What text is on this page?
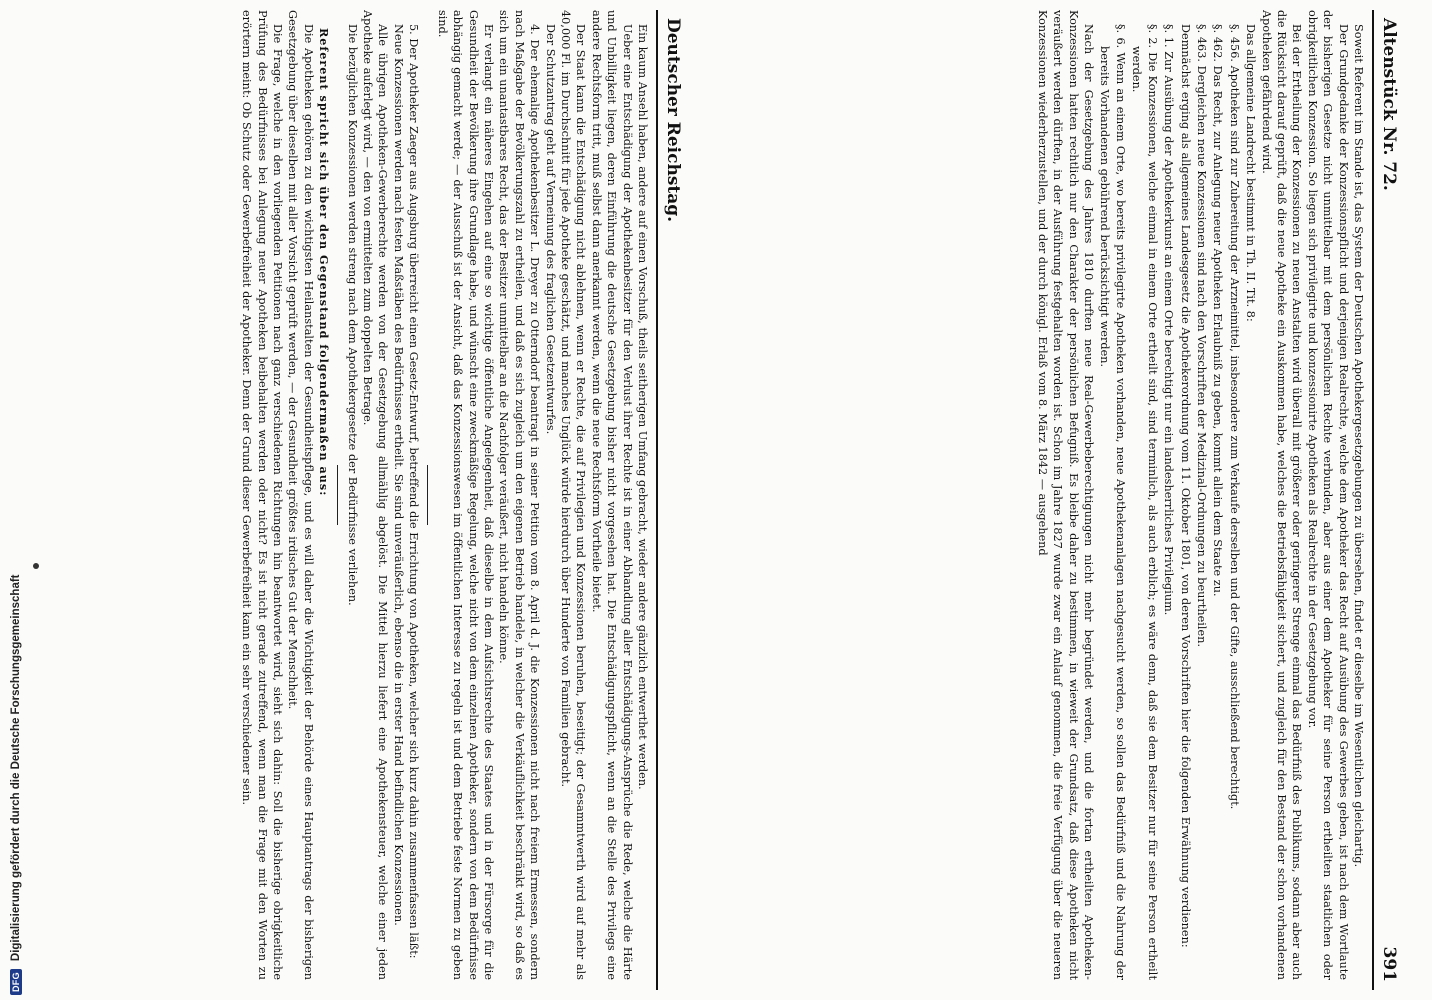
Altenstück Nr. 72.
391

Soweit Referent im Stande ist, das System der Deutschen Apothekergesetzgebungen zu übersehen, findet er dieselbe im Wesentlichen gleichartig.

Der Grundgedanke der Konzessionspflicht und derjenigen Realrechte, welche dem Apotheker das Recht auf Ausübung des Gewerbes geben, ist nach dem Wortlaute der bisherigen Gesetze nicht unmittelbar mit dem persönlichen Rechte verbunden, aber aus einer dem Apotheker für seine Person ertheilten staatlichen oder obrigkeitlichen Konzession. So liegen sich privilegirte und konzessionirte Apotheken als Realrechte in der Gesetzgebung vor.

Bei der Ertheilung der Konzessionen zu neuen Anstalten wird überall mit größerer oder geringerer Strenge einmal das Bedürfniß des Publikums, sodann aber auch die Rücksicht darauf geprüft, daß die neue Apotheke ein Auskommen habe, welches die Betriebsfähigkeit sichert, und zugleich für den Bestand der schon vorhandenen Apotheken gefährdend wird.

Das allgemeine Landrecht bestimmt in Th. II. Tit. 8:

§. 456. Apotheken sind zur Zubereitung der Arzneimittel, insbesondere zum Verkaufe derselben und der Gifte, ausschließend berechtigt.

§. 462. Das Recht, zur Anlegung neuer Apotheken Erlaubniß zu geben, kommt allein dem Staate zu.

§. 463. Dergleichen neue Konzessionen sind nach den Vorschriften der Medizinal-Ordnungen zu beurtheilen.

Demnächst erging als allgemeines Landesgesetz die Apothekerordnung vom 11. Oktober 1801, von deren Vorschriften hier die folgenden Erwähnung verdienen:

§. 1. Zur Ausübung der Apothekerkunst an einem Orte berechtigt nur ein landesherrliches Privilegium.

§. 2. Die Konzessionen, welche einmal in einem Orte ertheilt sind, sind terminlich, als auch erblich; es wäre denn, daß sie dem Besitzer nur für seine Person ertheilt werden.

§. 6. Wenn an einem Orte, wo bereits privilegirte Apotheken vorhanden, neue Apothekenanlagen nachgesucht werden, so sollen das Bedürfniß und die Nahrung der bereits Vorhandenen gebührend berücksichtigt werden.

Nach der Gesetzgebung des Jahres 1810 durften neue Real-Gewerbeberechtigungen nicht mehr begründet werden, und die fortan ertheilten Apotheken-Konzessionen hatten rechtlich nur den Charakter der persönlichen Befugniß. Es bleibe daher zu bestimmen, in wieweit der Grundsatz, daß diese Apotheken nicht veräußert werden dürften, in der Ausführung festgehalten worden ist. Schon im Jahre 1827 wurde zwar ein Anlauf genommen, die freie Verfügung über die neueren Konzessionen wiederherzustellen, und der durch königl. Erlaß vom 8. März 1842 — ausgehend

Deutscher Reichstag.

Ein kaum Ansehl haben, andere auf einen Vorschuß, theils seitherigen Umfang gebracht, wieder andere gänzlich entwerthet werden.

Ueber eine Entschädigung der Apothekenbesitzer für den Verlust ihrer Rechte ist in einer Abhandlung aller Entschädigungs-Ansprüche die Rede, welche die Härte und Unbilligkeit liegen, deren Einführung die deutsche Gesetzgebung bisher nicht vorgesehen hat. Die Entschädigungspflicht, wenn an die Stelle des Privilegs eine andere Rechtsform tritt, muß selbst dann anerkannt werden, wenn die neue Rechtsform Vortheile bietet.

Der Staat kann die Entschädigung nicht ablehnen, wenn er Rechte, die auf Privilegien und Konzessionen beruhen, beseitigt; der Gesammtwerth wird auf mehr als 40,000 Fl. im Durchschnitt für jede Apotheke geschätzt, und manches Unglück würde hierdurch über Hunderte von Familien gebracht.

Der Schutzantrag geht auf Verneinung des fraglichen Gesetzentwurfes.

4. Der ehemalige Apothekenbesitzer L. Dreyer zu Otterndorf beantragt in seiner Petition vom 8. April d. J. die Konzessionen nicht nach freiem Ermessen, sondern nach Maßgabe der Bevölkerungszahl zu ertheilen, und daß es sich zugleich um den eigenen Betrieb handele, in welcher die Verkäuflichkeit beschränkt wird, so daß es sich um ein unantastbares Recht, das der Besitzer unmittelbar an die Nachfolger veräußert, nicht handeln könne.

Er verlangt ein näheres Eingehen auf eine so wichtige öffentliche Angelegenheit, daß dieselbe in dem Aufsichtsrechte des Staates und in der Fürsorge für die Gesundheit der Bevölkerung ihre Grundlage habe, und wünscht eine zweckmäßige Regelung, welche nicht von dem einzelnen Apotheker, sondern von dem Bedürfnisse abhängig gemacht werde; — der Ausschuß ist der Ansicht, daß das Konzessionswesen im öffentlichen Interesse zu regeln ist und dem Betriebe feste Normen zu geben sind.

5. Der Apotheker Zaeger aus Augsburg überreicht einen Gesetz-Entwurf, betreffend die Errichtung von Apotheken, welcher sich kurz dahin zusammenfassen läßt:

Neue Konzessionen werden nach festen Maßstäben des Bedürfnisses ertheilt. Sie sind unveräußerlich, ebenso die in erster Hand befindlichen Konzessionen.

Alle übrigen Apotheken-Gewerberechte werden von der Gesetzgebung allmählig abgelöst. Die Mittel hierzu liefert eine Apothekensteuer, welche einer jeden Apotheke auferlegt wird, — den von ermittelten zum doppelten Betrage.

Die bezüglichen Konzessionen werden streng nach dem Apothekergesetze der Bedürfnisse verliehen.

Referent spricht sich über den Gegenstand folgendermaßen aus:

Die Apotheken gehören zu den wichtigsten Heilanstalten der Gesundheitspflege, und es will daher die Wichtigkeit der Behörde eines Hauptantrags der bisherigen Gesetzgebung über dieselben mit aller Vorsicht geprüft werden, — der Gesundheit größtes irdisches Gut der Menschheit.

Die Frage, welche in den vorliegenden Petitionen nach ganz verschiedenen Richtungen hin beantwortet wird, sieht sich dahin: Soll die bisherige obrigkeitliche Prüfung des Bedürfnisses bei Anlegung neuer Apotheken beibehalten werden oder nicht? Es ist nicht gerade zutreffend, wenn man die Frage mit den Worten zu erörtern meint: Ob Schutz oder Gewerbefreiheit der Apotheker. Denn der Grund dieser Gewerbefreiheit kann ein sehr verschiedener sein.

DFG
Digitalisierung gefördert durch die Deutsche Forschungsgemeinschaft
